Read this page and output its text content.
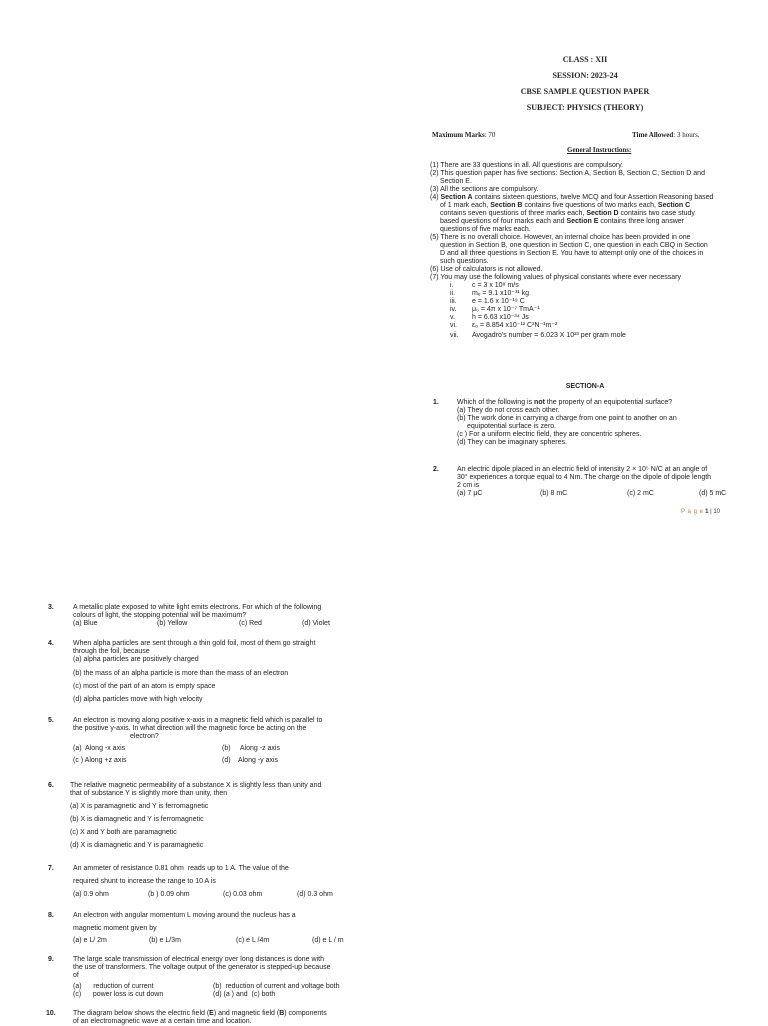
CLASS : XII
SESSION: 2023-24
CBSE SAMPLE QUESTION PAPER
SUBJECT: PHYSICS (THEORY)
Maximum Marks: 70	Time Allowed: 3 hours.
General Instructions:
(1) There are 33 questions in all. All questions are compulsory.
(2) This question paper has five sections: Section A, Section B, Section C, Section D and
Section E.
(3) All the sections are compulsory.
(4) Section A contains sixteen questions, twelve MCQ and four Assertion Reasoning based
of 1 mark each, Section B contains five questions of two marks each, Section C
contains seven questions of three marks each, Section D contains two case study
based questions of four marks each and Section E contains three long answer
questions of five marks each.
(5) There is no overall choice. However, an internal choice has been provided in one
question in Section B, one question in Section C, one question in each CBQ in Section
D and all three questions in Section E. You have to attempt only one of the choices in
such questions.
(6) Use of calculators is not allowed.
(7) You may use the following values of physical constants where ever necessary
i.	c = 3 x 10⁸ m/s
ii. mₑ = 9.1 x10⁻³¹ kg
iii. e = 1.6 x 10⁻¹⁹ C
iv. μ₀ = 4π x 10⁻⁷ TmA⁻¹
v. h = 6.63 x10⁻³⁴ Js
vi. ε₀ = 8.854 x10⁻¹² C²N⁻¹m⁻²
vii. Avogadro's number = 6.023 X 10²³ per gram mole
SECTION-A
1.	Which of the following is not the property of an equipotential surface?
(a) They do not cross each other.
(b) The work done in carrying a charge from one point to another on an
equipotential surface is zero.
(c ) For a uniform electric field, they are concentric spheres.
(d) They can be imaginary spheres.
2.	An electric dipole placed in an electric field of intensity 2 × 10⁵ N/C at an angle of
30° experiences a torque equal to 4 Nm. The charge on the dipole of dipole length
2 cm is
(a) 7 μC	(b) 8 mC	(c) 2 mC	(d) 5 mC
P a g e 1 | 10
3.	A metallic plate exposed to white light emits electrons. For which of the following
colours of light, the stopping potential will be maximum?
(a) Blue	(b) Yellow	(c) Red	(d) Violet
4.	When alpha particles are sent through a thin gold foil, most of them go straight
through the foil, because
(a) alpha particles are positively charged
(b) the mass of an alpha particle is more than the mass of an electron
(c) most of the part of an atom is empty space
(d) alpha particles move with high velocity
5.	An electron is moving along positive x-axis in a magnetic field which is parallel to
the positive y-axis. In what direction will the magnetic force be acting on the
electron?
(a)  Along -x axis	(b)     Along -z axis
(c ) Along +z axis	(d)    Along -y axis
6. The relative magnetic permeability of a substance X is slightly less than unity and
that of substance Y is slightly more than unity, then
(a) X is paramagnetic and Y is ferromagnetic
(b) X is diamagnetic and Y is ferromagnetic
(c) X and Y both are paramagnetic
(d) X is diamagnetic and Y is paramagnetic
7.	An ammeter of resistance 0.81 ohm  reads up to 1 A. The value of the
required shunt to increase the range to 10 A is
(a) 0.9 ohm	(b ) 0.09 ohm	(c) 0.03 ohm	(d) 0.3 ohm
8.	An electron with angular momentum L moving around the nucleus has a
magnetic moment given by
(a) e L/ 2m	(b) e L/3m	(c) e L /4m	(d) e L / m
9.	The large scale transmission of electrical energy over long distances is done with
the use of transformers. The voltage output of the generator is stepped-up because
of
(a)      reduction of current	(b)  reduction of current and voltage both
(c)      power loss is cut down	(d) (a ) and  (c) both
10. The diagram below shows the electric field (E) and magnetic field (B) components
of an electromagnetic wave at a certain time and location.
